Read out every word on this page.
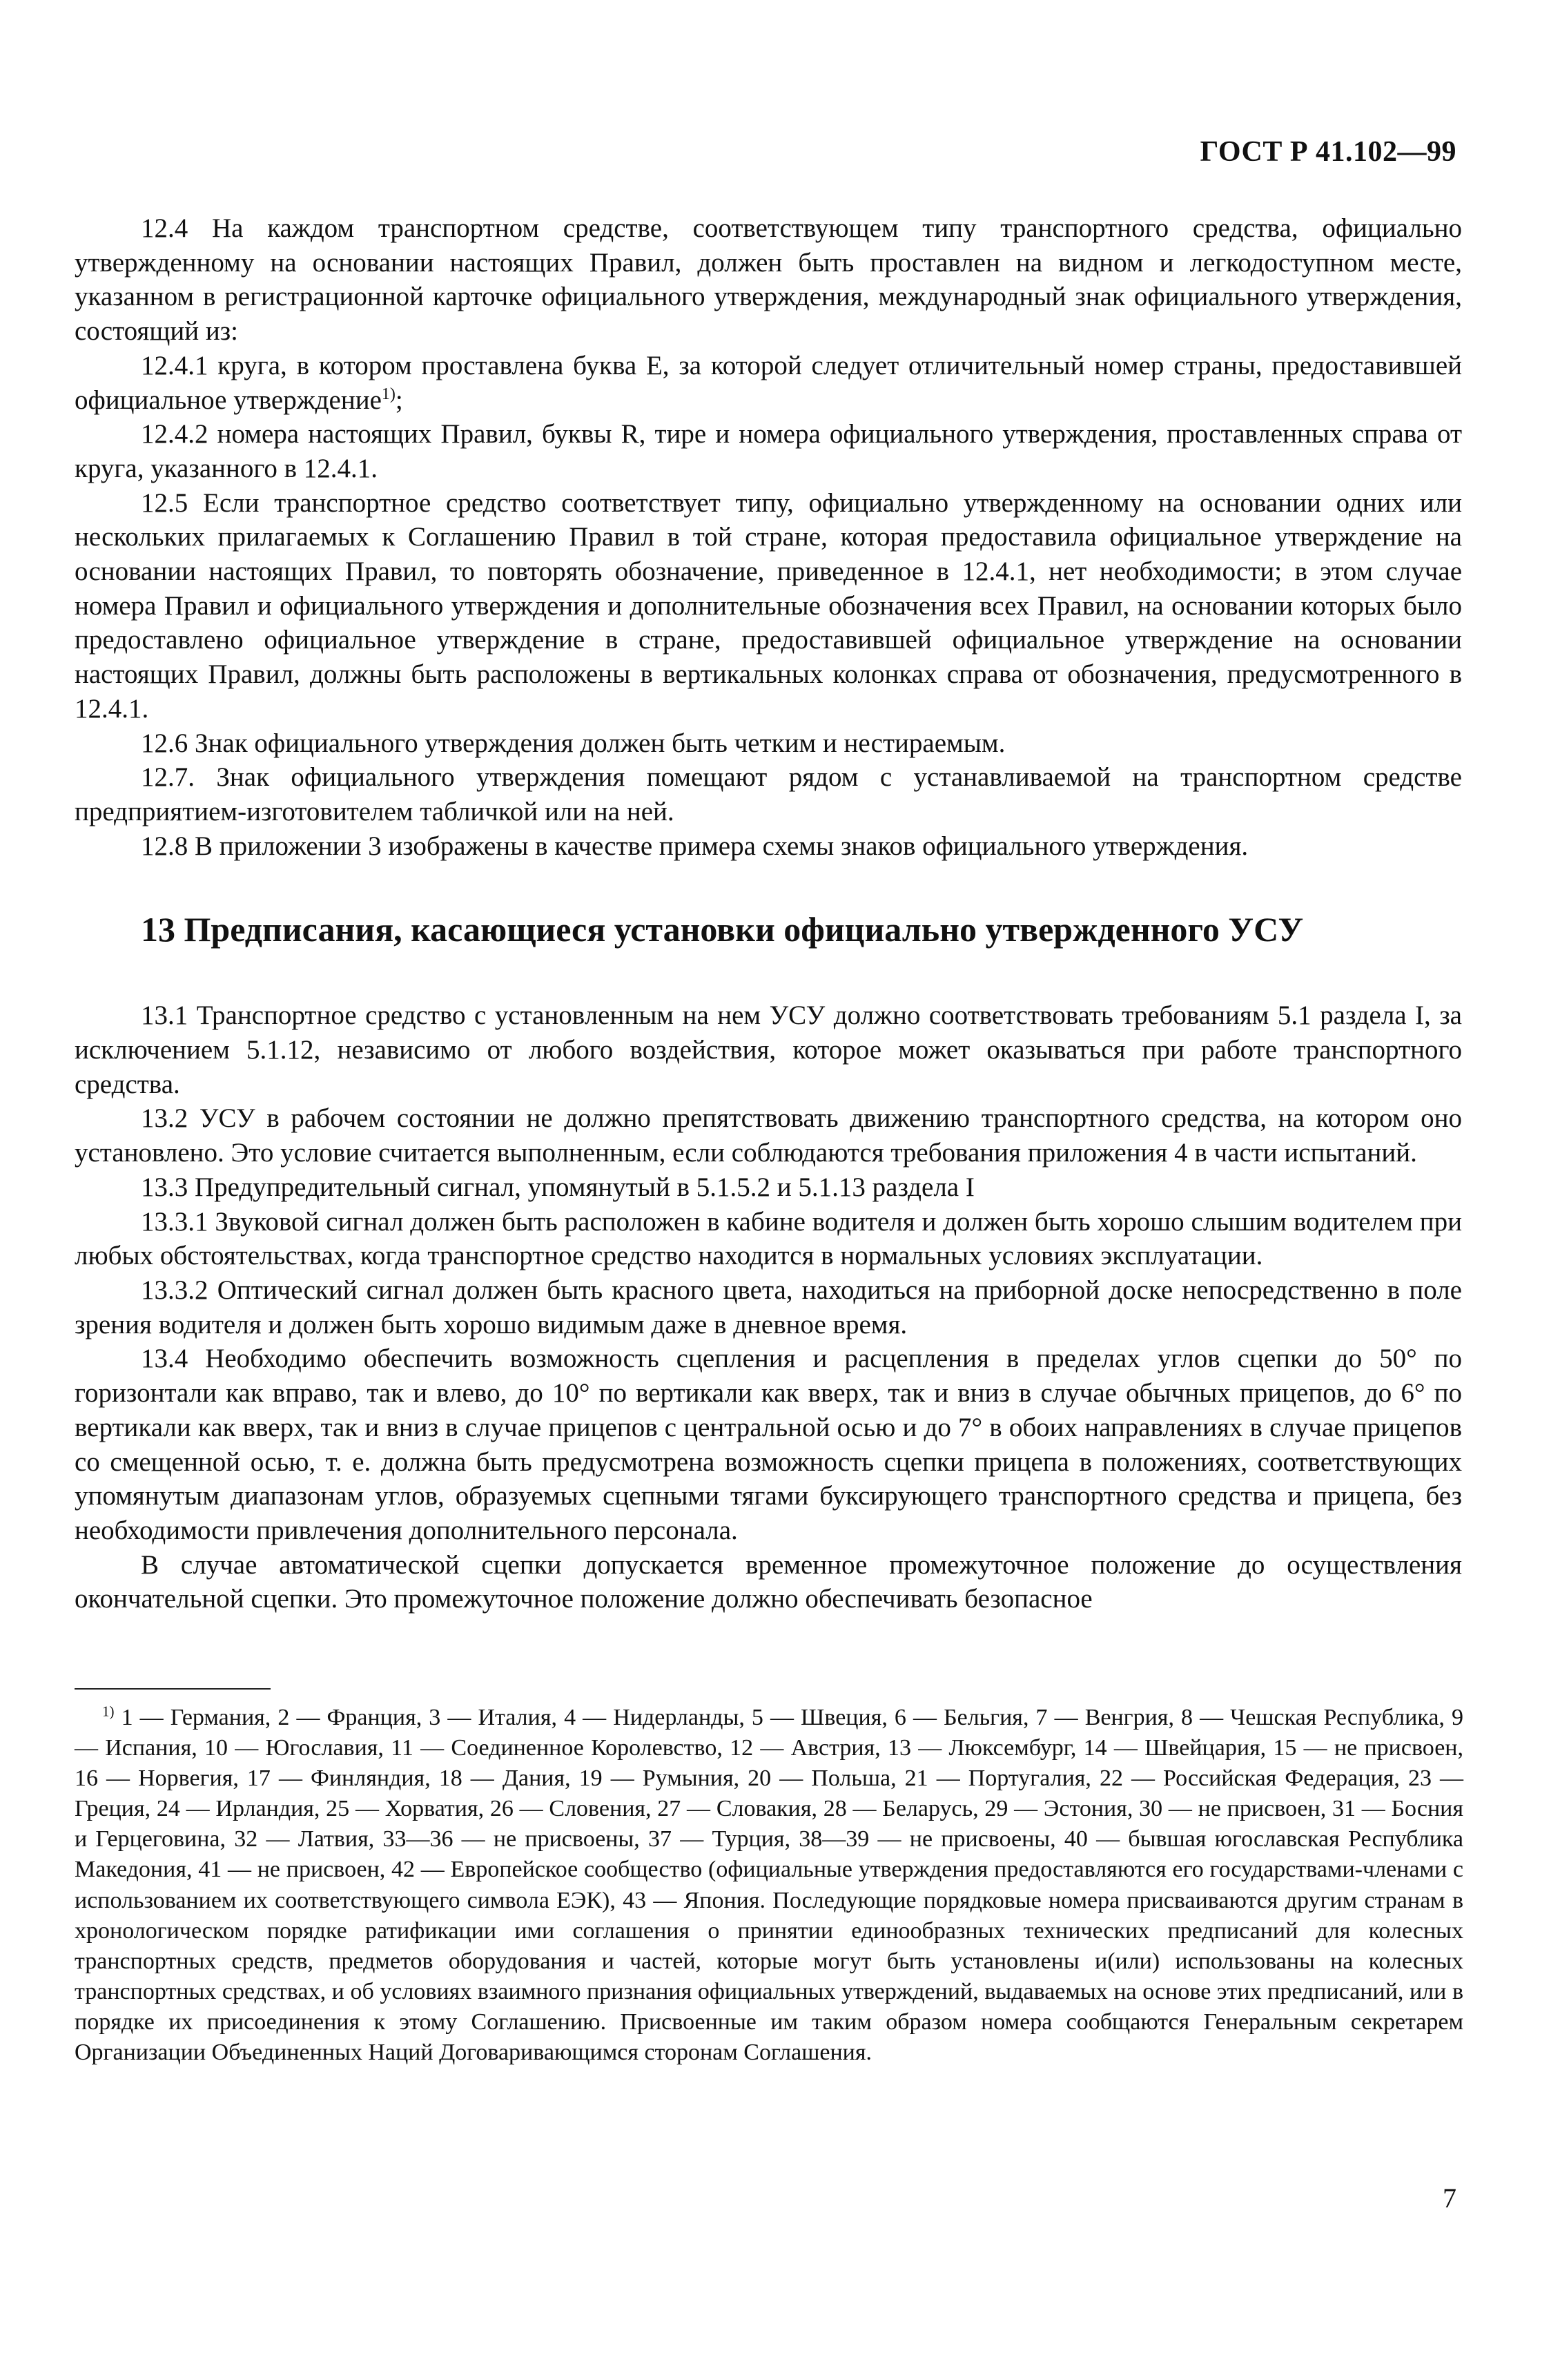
ГОСТ Р 41.102—99

12.4 На каждом транспортном средстве, соответствующем типу транспортного средства, официально утвержденному на основании настоящих Правил, должен быть проставлен на видном и легкодоступном месте, указанном в регистрационной карточке официального утверждения, международный знак официального утверждения, состоящий из:

12.4.1 круга, в котором проставлена буква Е, за которой следует отличительный номер страны, предоставившей официальное утверждение$^{1)}$;

12.4.2 номера настоящих Правил, буквы R, тире и номера официального утверждения, проставленных справа от круга, указанного в 12.4.1.

12.5 Если транспортное средство соответствует типу, официально утвержденному на основании одних или нескольких прилагаемых к Соглашению Правил в той стране, которая предоставила официальное утверждение на основании настоящих Правил, то повторять обозначение, приведенное в 12.4.1, нет необходимости; в этом случае номера Правил и официального утверждения и дополнительные обозначения всех Правил, на основании которых было предоставлено официальное утверждение в стране, предоставившей официальное утверждение на основании настоящих Правил, должны быть расположены в вертикальных колонках справа от обозначения, предусмотренного в 12.4.1.

12.6 Знак официального утверждения должен быть четким и нестираемым.

12.7. Знак официального утверждения помещают рядом с устанавливаемой на транспортном средстве предприятием-изготовителем табличкой или на ней.

12.8 В приложении 3 изображены в качестве примера схемы знаков официального утверждения.

13 Предписания, касающиеся установки официально утвержденного УСУ

13.1 Транспортное средство с установленным на нем УСУ должно соответствовать требованиям 5.1 раздела I, за исключением 5.1.12, независимо от любого воздействия, которое может оказываться при работе транспортного средства.

13.2 УСУ в рабочем состоянии не должно препятствовать движению транспортного средства, на котором оно установлено. Это условие считается выполненным, если соблюдаются требования приложения 4 в части испытаний.

13.3 Предупредительный сигнал, упомянутый в 5.1.5.2 и 5.1.13 раздела I

13.3.1 Звуковой сигнал должен быть расположен в кабине водителя и должен быть хорошо слышим водителем при любых обстоятельствах, когда транспортное средство находится в нормальных условиях эксплуатации.

13.3.2 Оптический сигнал должен быть красного цвета, находиться на приборной доске непосредственно в поле зрения водителя и должен быть хорошо видимым даже в дневное время.

13.4 Необходимо обеспечить возможность сцепления и расцепления в пределах углов сцепки до 50° по горизонтали как вправо, так и влево, до 10° по вертикали как вверх, так и вниз в случае обычных прицепов, до 6° по вертикали как вверх, так и вниз в случае прицепов с центральной осью и до 7° в обоих направлениях в случае прицепов со смещенной осью, т. е. должна быть предусмотрена возможность сцепки прицепа в положениях, соответствующих упомянутым диапазонам углов, образуемых сцепными тягами буксирующего транспортного средства и прицепа, без необходимости привлечения дополнительного персонала.

В случае автоматической сцепки допускается временное промежуточное положение до осуществления окончательной сцепки. Это промежуточное положение должно обеспечивать безопасное

$^{1)}$ 1 — Германия, 2 — Франция, 3 — Италия, 4 — Нидерланды, 5 — Швеция, 6 — Бельгия, 7 — Венгрия, 8 — Чешская Республика, 9 — Испания, 10 — Югославия, 11 — Соединенное Королевство, 12 — Австрия, 13 — Люксембург, 14 — Швейцария, 15 — не присвоен, 16 — Норвегия, 17 — Финляндия, 18 — Дания, 19 — Румыния, 20 — Польша, 21 — Португалия, 22 — Российская Федерация, 23 — Греция, 24 — Ирландия, 25 — Хорватия, 26 — Словения, 27 — Словакия, 28 — Беларусь, 29 — Эстония, 30 — не присвоен, 31 — Босния и Герцеговина, 32 — Латвия, 33—36 — не присвоены, 37 — Турция, 38—39 — не присвоены, 40 — бывшая югославская Республика Македония, 41 — не присвоен, 42 — Европейское сообщество (официальные утверждения предоставляются его государствами-членами с использованием их соответствующего символа ЕЭК), 43 — Япония. Последующие порядковые номера присваиваются другим странам в хронологическом порядке ратификации ими соглашения о принятии единообразных технических предписаний для колесных транспортных средств, предметов оборудования и частей, которые могут быть установлены и(или) использованы на колесных транспортных средствах, и об условиях взаимного признания официальных утверждений, выдаваемых на основе этих предписаний, или в порядке их присоединения к этому Соглашению. Присвоенные им таким образом номера сообщаются Генеральным секретарем Организации Объединенных Наций Договаривающимся сторонам Соглашения.

7
